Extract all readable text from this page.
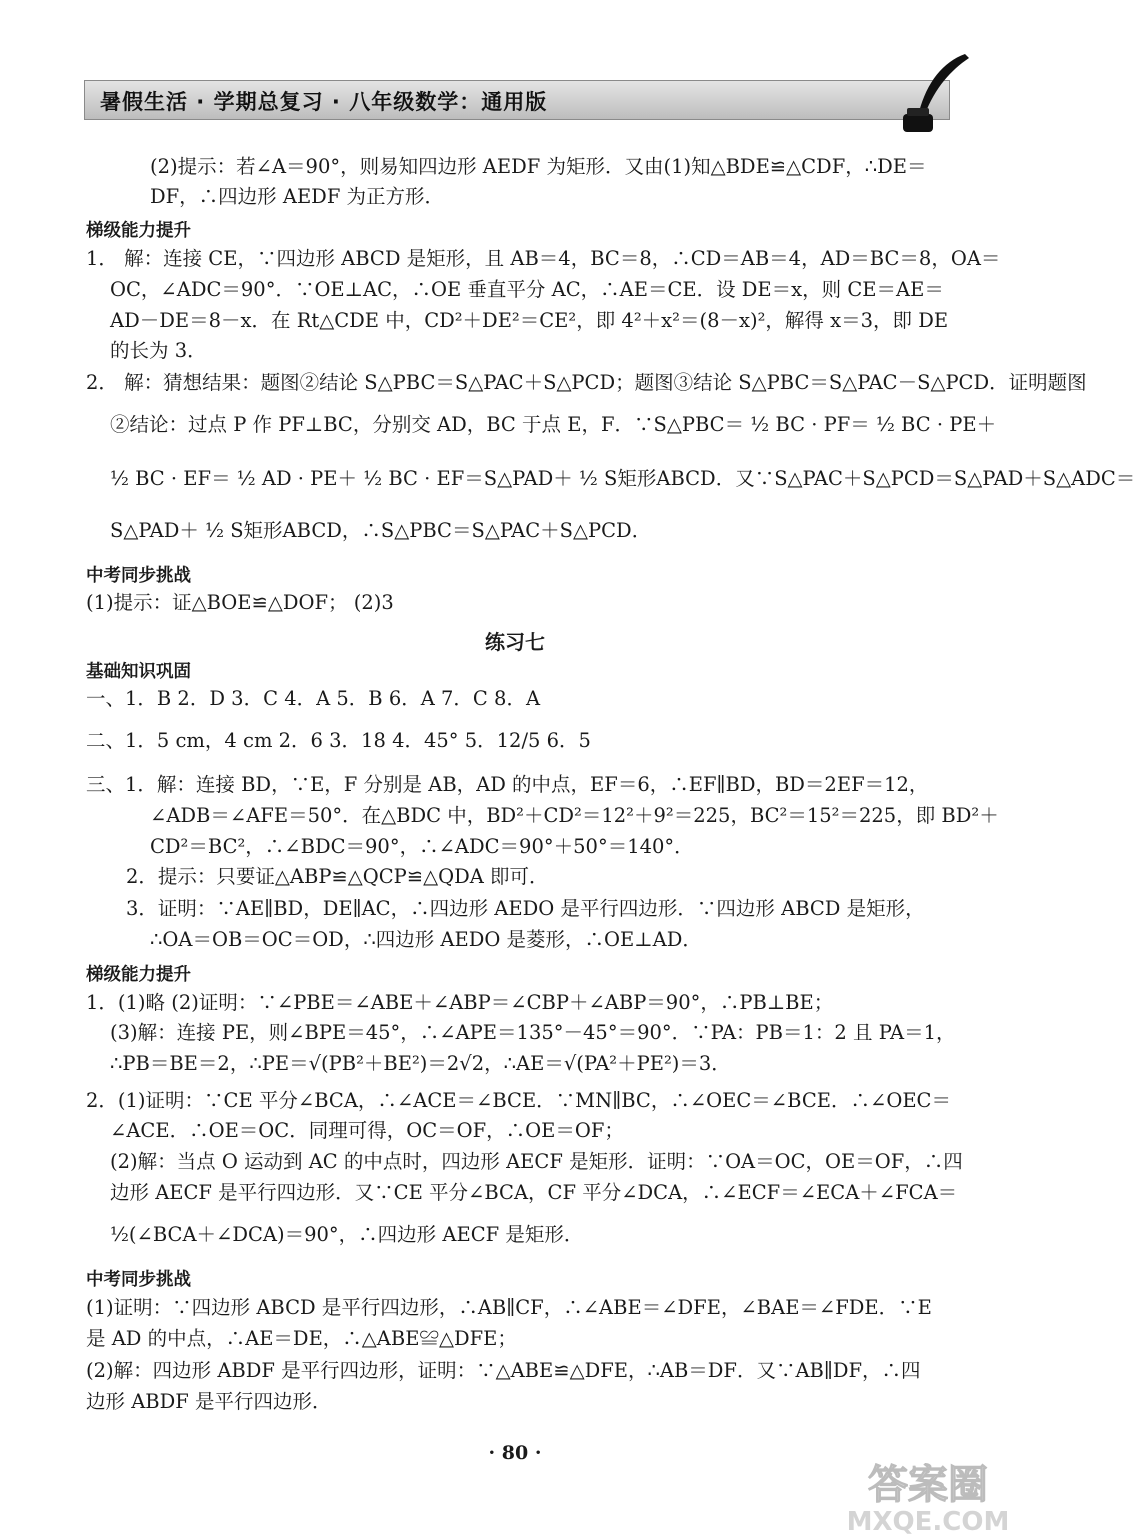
暑假生活 · 学期总复习 · 八年级数学：通用版
(2)提示：若∠A＝90°，则易知四边形 AEDF 为矩形．又由(1)知△BDE≌△CDF，∴DE＝
DF，∴四边形 AEDF 为正方形．
梯级能力提升
1． 解：连接 CE，∵四边形 ABCD 是矩形，且 AB＝4，BC＝8，∴CD＝AB＝4，AD＝BC＝8，OA＝
OC，∠ADC＝90°．∵OE⊥AC，∴OE 垂直平分 AC，∴AE＝CE．设 DE＝x，则 CE＝AE＝
AD－DE＝8－x．在 Rt△CDE 中，CD²＋DE²＝CE²，即 4²＋x²＝(8－x)²，解得 x＝3，即 DE
的长为 3．
2． 解：猜想结果：题图②结论 S△PBC＝S△PAC＋S△PCD；题图③结论 S△PBC＝S△PAC－S△PCD．证明题图
②结论：过点 P 作 PF⊥BC，分别交 AD，BC 于点 E，F．∵S△PBC＝ ½ BC · PF＝ ½ BC · PE＋
½ BC · EF＝ ½ AD · PE＋ ½ BC · EF＝S△PAD＋ ½ S矩形ABCD．又∵S△PAC＋S△PCD＝S△PAD＋S△ADC＝
S△PAD＋ ½ S矩形ABCD，∴S△PBC＝S△PAC＋S△PCD．
中考同步挑战
(1)提示：证△BOE≌△DOF； (2)3
练习七
基础知识巩固
一、1．B 2．D 3．C 4．A 5．B 6．A 7．C 8．A
二、1．5 cm，4 cm 2．6 3．18 4．45° 5．12/5 6．5
三、1．解：连接 BD，∵E，F 分别是 AB，AD 的中点，EF＝6，∴EF∥BD，BD＝2EF＝12，
∠ADB＝∠AFE＝50°．在△BDC 中，BD²＋CD²＝12²＋9²＝225，BC²＝15²＝225，即 BD²＋
CD²＝BC²，∴∠BDC＝90°，∴∠ADC＝90°＋50°＝140°．
2．提示：只要证△ABP≌△QCP≌△QDA 即可．
3．证明：∵AE∥BD，DE∥AC，∴四边形 AEDO 是平行四边形．∵四边形 ABCD 是矩形，
∴OA＝OB＝OC＝OD，∴四边形 AEDO 是菱形，∴OE⊥AD．
梯级能力提升
1．(1)略 (2)证明：∵∠PBE＝∠ABE＋∠ABP＝∠CBP＋∠ABP＝90°，∴PB⊥BE；
(3)解：连接 PE，则∠BPE＝45°，∴∠APE＝135°－45°＝90°．∵PA：PB＝1：2 且 PA＝1，
∴PB＝BE＝2，∴PE＝√(PB²＋BE²)＝2√2，∴AE＝√(PA²＋PE²)＝3．
2．(1)证明：∵CE 平分∠BCA，∴∠ACE＝∠BCE．∵MN∥BC，∴∠OEC＝∠BCE．∴∠OEC＝
∠ACE．∴OE＝OC．同理可得，OC＝OF，∴OE＝OF；
(2)解：当点 O 运动到 AC 的中点时，四边形 AECF 是矩形．证明：∵OA＝OC，OE＝OF，∴四
边形 AECF 是平行四边形．又∵CE 平分∠BCA，CF 平分∠DCA，∴∠ECF＝∠ECA＋∠FCA＝
½(∠BCA＋∠DCA)＝90°，∴四边形 AECF 是矩形．
中考同步挑战
(1)证明：∵四边形 ABCD 是平行四边形，∴AB∥CF，∴∠ABE＝∠DFE，∠BAE＝∠FDE．∵E
是 AD 的中点，∴AE＝DE，∴△ABE≌△DFE；
(2)解：四边形 ABDF 是平行四边形，证明：∵△ABE≌△DFE，∴AB＝DF．又∵AB∥DF，∴四
边形 ABDF 是平行四边形．
· 80 ·
答案圈
MXQE.COM
